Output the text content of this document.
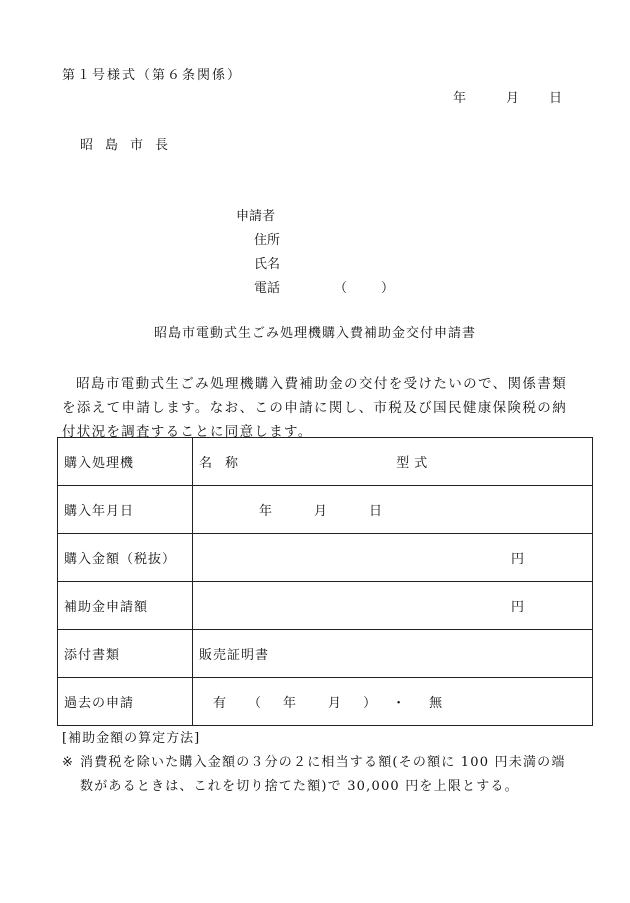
第１号様式（第６条関係）
年	月 日
昭島市長
申請者
住所
氏名
電話	（	）
昭島市電動式生ごみ処理機購入費補助金交付申請書
昭島市電動式生ごみ処理機購入費補助金の交付を受けたいので、関係書類を添えて申請します。なお、この申請に関し、市税及び国民健康保険税の納付状況を調査することに同意します。
購入処理機	名　称 型式
購入年月日	年 月 日
購入金額（税抜）	円

補助金申請額	円

添付書類	販売証明書
過去の申請	有 （ 年 月 ） ・ 無
[補助金額の算定方法]
※ 消費税を除いた購入金額の３分の２に相当する額(その額に 100 円未満の端数があるときは、これを切り捨てた額)で 30,000 円を上限とする。
